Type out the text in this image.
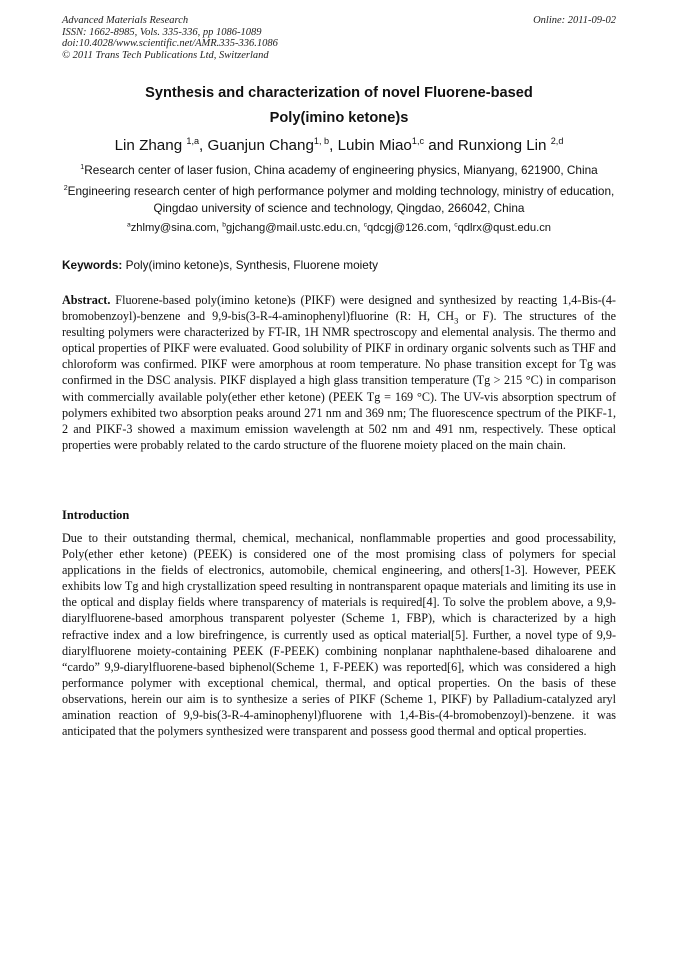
Advanced Materials Research
ISSN: 1662-8985, Vols. 335-336, pp 1086-1089
doi:10.4028/www.scientific.net/AMR.335-336.1086
© 2011 Trans Tech Publications Ltd, Switzerland
Online: 2011-09-02
Synthesis and characterization of novel Fluorene-based
Poly(imino ketone)s
Lin Zhang $^{1,a}$, Guanjun Chang$^{1, b}$, Lubin Miao$^{1,c}$ and Runxiong Lin $^{2,d}$
$^1$Research center of laser fusion, China academy of engineering physics, Mianyang, 621900, China
$^2$Engineering research center of high performance polymer and molding technology, ministry of education, Qingdao university of science and technology, Qingdao, 266042, China
$^a$zhlmy@sina.com, $^b$gjchang@mail.ustc.edu.cn, $^c$qdcgj@126.com, $^c$qdlrx@qust.edu.cn
Keywords: Poly(imino ketone)s, Synthesis, Fluorene moiety
Abstract. Fluorene-based poly(imino ketone)s (PIKF) were designed and synthesized by reacting 1,4-Bis-(4-bromobenzoyl)-benzene and 9,9-bis(3-R-4-aminophenyl)fluorine (R: H, $CH_3$ or F). The structures of the resulting polymers were characterized by FT-IR, 1H NMR spectroscopy and elemental analysis. The thermo and optical properties of PIKF were evaluated. Good solubility of PIKF in ordinary organic solvents such as THF and chloroform was confirmed. PIKF were amorphous at room temperature. No phase transition except for Tg was confirmed in the DSC analysis. PIKF displayed a high glass transition temperature (Tg > 215 °C) in comparison with commercially available poly(ether ether ketone) (PEEK Tg = 169 °C). The UV-vis absorption spectrum of polymers exhibited two absorption peaks around 271 nm and 369 nm; The fluorescence spectrum of the PIKF-1, 2 and PIKF-3 showed a maximum emission wavelength at 502 nm and 491 nm, respectively. These optical properties were probably related to the cardo structure of the fluorene moiety placed on the main chain.
Introduction
Due to their outstanding thermal, chemical, mechanical, nonflammable properties and good processability, Poly(ether ether ketone) (PEEK) is considered one of the most promising class of polymers for special applications in the fields of electronics, automobile, chemical engineering, and others[1-3]. However, PEEK exhibits low Tg and high crystallization speed resulting in nontransparent opaque materials and limiting its use in the optical and display fields where transparency of materials is required[4]. To solve the problem above, a 9,9-diarylfluorene-based amorphous transparent polyester (Scheme 1, FBP), which is characterized by a high refractive index and a low birefringence, is currently used as optical material[5]. Further, a novel type of 9,9-diarylfluorene moiety-containing PEEK (F-PEEK) combining nonplanar naphthalene-based dihaloarene and “cardo” 9,9-diarylfluorene-based biphenol(Scheme 1, F-PEEK) was reported[6], which was considered a high performance polymer with exceptional chemical, thermal, and optical properties. On the basis of these observations, herein our aim is to synthesize a series of PIKF (Scheme 1, PIKF) by Palladium-catalyzed aryl amination reaction of 9,9-bis(3-R-4-aminophenyl)fluorene with 1,4-Bis-(4-bromobenzoyl)-benzene. it was anticipated that the polymers synthesized were transparent and possess good thermal and optical properties.
